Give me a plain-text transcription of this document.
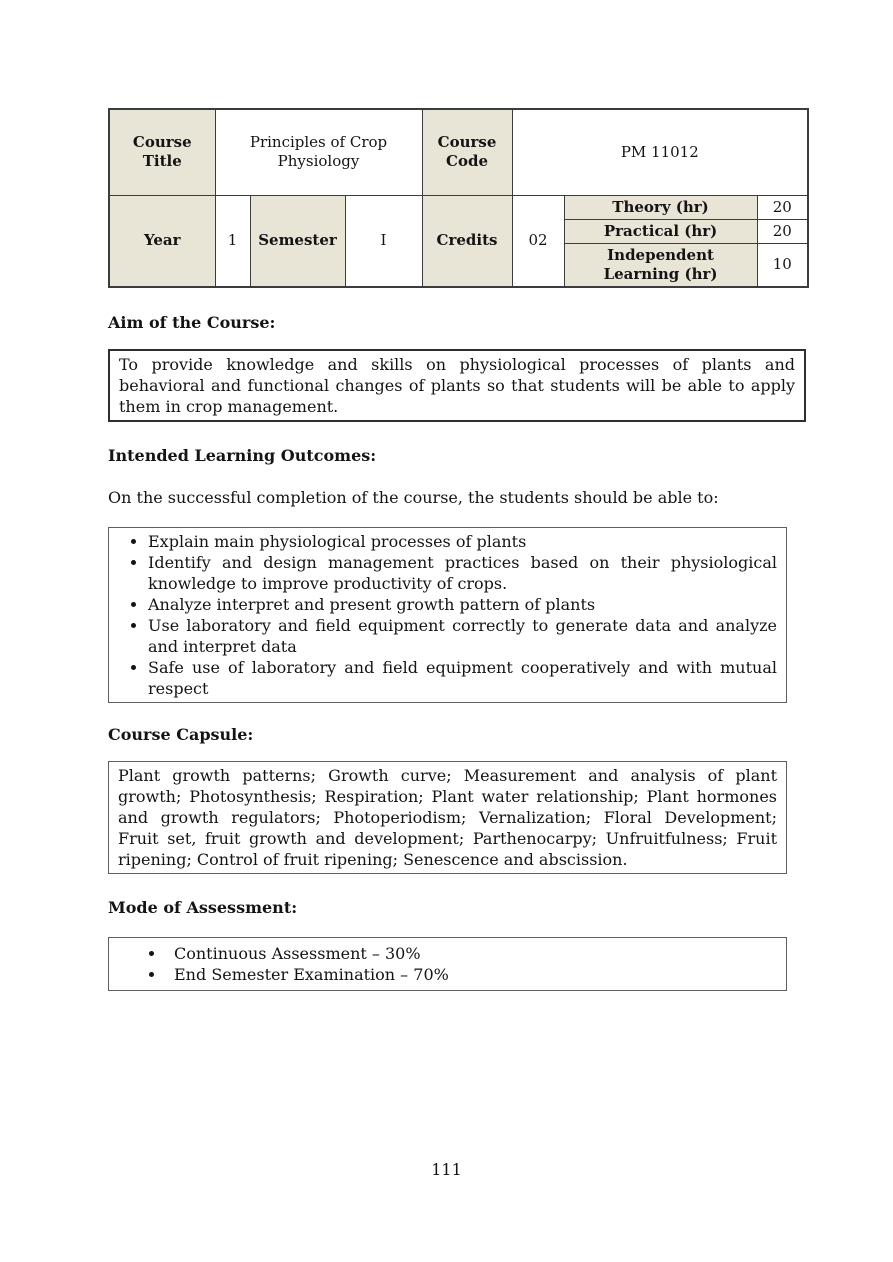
Course Title	Principles of Crop Physiology			Course Code	PM 11012		
Year	1	Semester	I	Credits	02	Theory (hr)	20
						Practical (hr)	20
						Independent Learning (hr)	10
Aim of the Course:
To provide knowledge and skills on physiological processes of plants and behavioral and functional changes of plants so that students will be able to apply them in crop management.
Intended Learning Outcomes:
On the successful completion of the course, the students should be able to:
• Explain main physiological processes of plants
• Identify and design management practices based on their physiological knowledge to improve productivity of crops.
• Analyze interpret and present growth pattern of plants
• Use laboratory and field equipment correctly to generate data and analyze and interpret data
• Safe use of laboratory and field equipment cooperatively and with mutual respect
Course Capsule:
Plant growth patterns; Growth curve; Measurement and analysis of plant growth; Photosynthesis; Respiration; Plant water relationship; Plant hormones and growth regulators; Photoperiodism; Vernalization; Floral Development; Fruit set, fruit growth and development; Parthenocarpy; Unfruitfulness; Fruit ripening; Control of fruit ripening; Senescence and abscission.
Mode of Assessment:
• Continuous Assessment – 30%
• End Semester Examination – 70%
111
